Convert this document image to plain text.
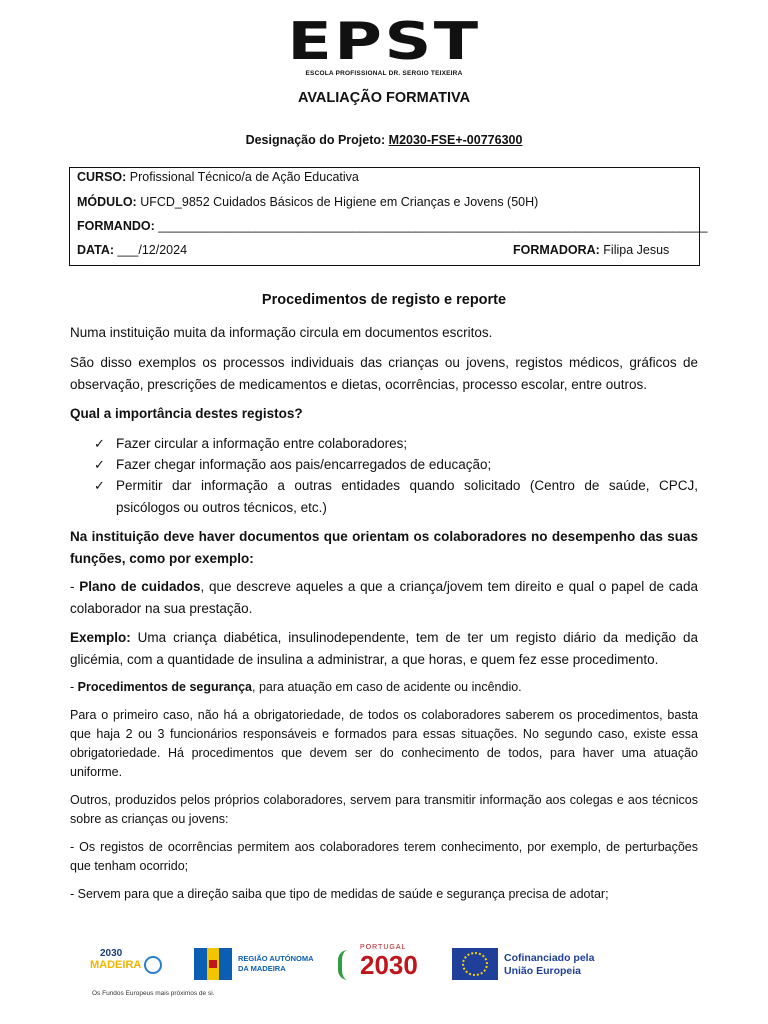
EPST
ESCOLA PROFISSIONAL DR. SERGIO TEIXEIRA
AVALIAÇÃO FORMATIVA
Designação do Projeto: M2030-FSE+-00776300
CURSO: Profissional Técnico/a de Ação Educativa
MÓDULO: UFCD_9852 Cuidados Básicos de Higiene em Crianças e Jovens (50H)
FORMANDO: _______________________________________________________________________________
DATA: ___/12/2024	FORMADORA: Filipa Jesus
Procedimentos de registo e reporte
Numa instituição muita da informação circula em documentos escritos.
São disso exemplos os processos individuais das crianças ou jovens, registos médicos, gráficos de observação, prescrições de medicamentos e dietas, ocorrências, processo escolar, entre outros.
Qual a importância destes registos?
✓ Fazer circular a informação entre colaboradores;
✓ Fazer chegar informação aos pais/encarregados de educação;
✓ Permitir dar informação a outras entidades quando solicitado (Centro de saúde, CPCJ, psicólogos ou outros técnicos, etc.)
Na instituição deve haver documentos que orientam os colaboradores no desempenho das suas funções, como por exemplo:
- Plano de cuidados, que descreve aqueles a que a criança/jovem tem direito e qual o papel de cada colaborador na sua prestação.
Exemplo: Uma criança diabética, insulinodependente, tem de ter um registo diário da medição da glicémia, com a quantidade de insulina a administrar, a que horas, e quem fez esse procedimento.
- Procedimentos de segurança, para atuação em caso de acidente ou incêndio.
Para o primeiro caso, não há a obrigatoriedade, de todos os colaboradores saberem os procedimentos, basta que haja 2 ou 3 funcionários responsáveis e formados para essas situações. No segundo caso, existe essa obrigatoriedade. Há procedimentos que devem ser do conhecimento de todos, para haver uma atuação uniforme.
Outros, produzidos pelos próprios colaboradores, servem para transmitir informação aos colegas e aos técnicos sobre as crianças ou jovens:
- Os registos de ocorrências permitem aos colaboradores terem conhecimento, por exemplo, de perturbações que tenham ocorrido;
- Servem para que a direção saiba que tipo de medidas de saúde e segurança precisa de adotar;
2030
MADEIRA
Os Fundos Europeus mais próximos de si.
REGIÃO AUTÓNOMA
DA MADEIRA
PORTUGAL
2030	Cofinanciado pela
União Europeia
